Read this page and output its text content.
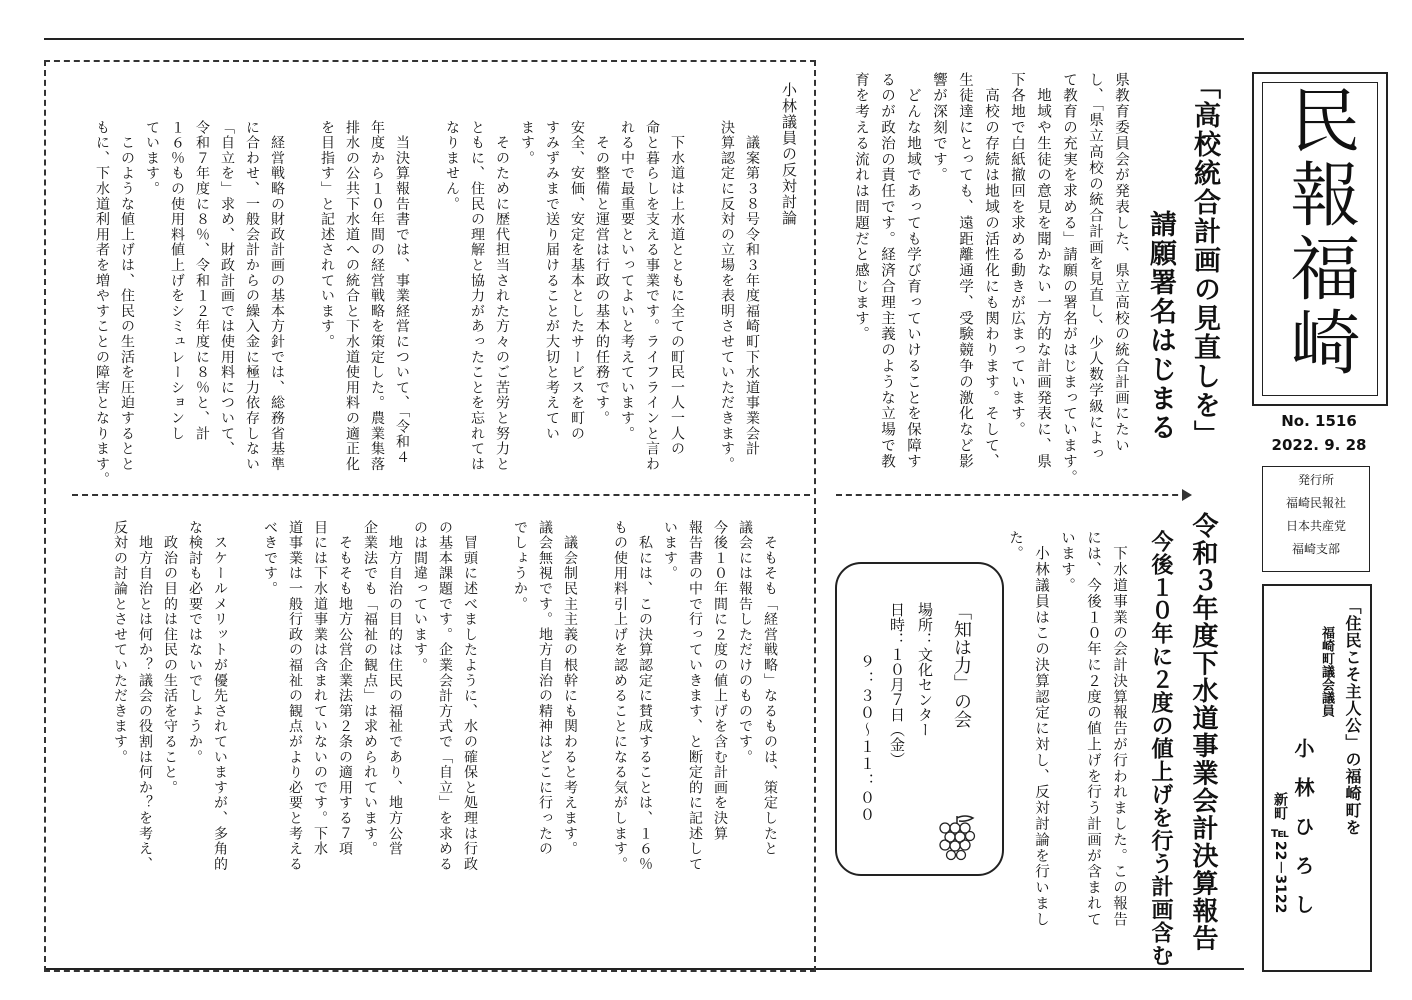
民報福崎
No. 1516
2022. 9. 28
発行所
福崎民報社
日本共産党
福崎支部
「住民こそ主人公」の福崎町を
福崎町議会議員
小 林 ひ ろ し
新町 ℡22－3122
「高校統合計画の見直しを」
請願署名はじまる
県教育委員会が発表した、県立高校の統合計画にたい
し、「県立高校の統合計画を見直し、少人数学級によっ
て教育の充実を求める」請願の署名がはじまっています。
　地域や生徒の意見を聞かない一方的な計画発表に、県
下各地で白紙撤回を求める動きが広まっています。
　高校の存続は地域の活性化にも関わります。そして、
生徒達にとっても、遠距離通学、受験競争の激化など影
響が深刻です。
　どんな地域であっても学び育っていけることを保障す
るのが政治の責任です。経済合理主義のような立場で教
育を考える流れは問題だと感じます。
令和３年度下水道事業会計決算報告
今後１０年に２度の値上げを行う計画含む
　下水道事業の会計決算報告が行われました。この報告
には、今後１０年に２度の値上げを行う計画が含まれて
います。
　小林議員はこの決算認定に対し、反対討論を行いまし
た。
「知は力」の会
場所：文化センター
日時：１０月７日（金）
９：３０〜１１：００
小林議員の反対討論
　議案第３８号令和３年度福崎町下水道事業会計
決算認定に反対の立場を表明させていただきます。

　下水道は上水道とともに全ての町民一人一人の
命と暮らしを支える事業です。ライフラインと言わ
れる中で最重要といってよいと考えています。
　その整備と運営は行政の基本的任務です。
安全、安価、安定を基本としたサービスを町の
すみずみまで送り届けることが大切と考えてい
ます。
　そのために歴代担当された方々のご苦労と努力と
ともに、住民の理解と協力があったことを忘れては
なりません。

　当決算報告書では、事業経営について、「令和４
年度から１０年間の経営戦略を策定した。農業集落
排水の公共下水道への統合と下水道使用料の適正化
を目指す」と記述されています。

　経営戦略の財政計画の基本方針では、総務省基準
に合わせ、一般会計からの繰入金に極力依存しない
「自立を」求め、財政計画では使用料について、
令和７年度に８％、令和１２年度に８％と、計
１６％もの使用料値上げをシミュレーションし
ています。
　このような値上げは、住民の生活を圧迫するとと
もに、下水道利用者を増やすことの障害となります。
　そもそも「経営戦略」なるものは、策定したと
議会には報告しただけのものです。
今後１０年間に２度の値上げを含む計画を決算
報告書の中で行っていきます、と断定的に記述して
います。
　私には、この決算認定に賛成することは、１６％
もの使用料引上げを認めることになる気がします。

　議会制民主主義の根幹にも関わると考えます。
議会無視です。地方自治の精神はどこに行ったの
でしょうか。

　冒頭に述べましたように、水の確保と処理は行政
の基本課題です。企業会計方式で「自立」を求める
のは間違っています。
　地方自治の目的は住民の福祉であり、地方公営
企業法でも「福祉の観点」は求められています。
　そもそも地方公営企業法第２条の適用する７項
目には下水道事業は含まれていないのです。下水
道事業は一般行政の福祉の観点がより必要と考える
べきです。

　スケールメリットが優先されていますが、多角的
な検討も必要ではないでしょうか。
　政治の目的は住民の生活を守ること。
　地方自治とは何か？議会の役割は何か？を考え、
反対の討論とさせていただきます。
